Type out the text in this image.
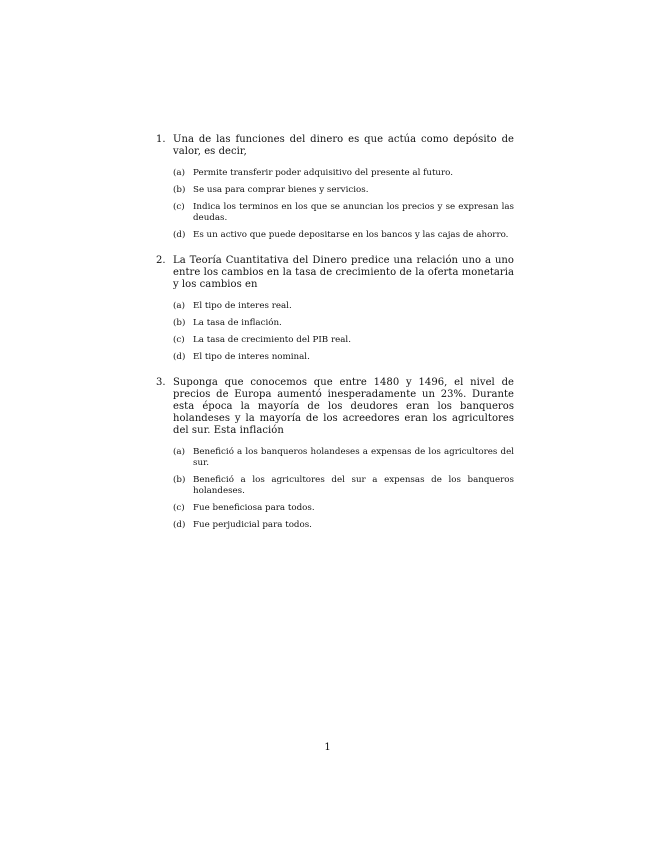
1. Una de las funciones del dinero es que actúa como depósito de valor, es decir,
(a) Permite transferir poder adquisitivo del presente al futuro.
(b) Se usa para comprar bienes y servicios.
(c) Indica los terminos en los que se anuncian los precios y se expresan las deudas.
(d) Es un activo que puede depositarse en los bancos y las cajas de ahorro.
2. La Teoría Cuantitativa del Dinero predice una relación uno a uno entre los cambios en la tasa de crecimiento de la oferta monetaria y los cambios en
(a) El tipo de interes real.
(b) La tasa de inflación.
(c) La tasa de crecimiento del PIB real.
(d) El tipo de interes nominal.
3. Suponga que conocemos que entre 1480 y 1496, el nivel de precios de Europa aumentó inesperadamente un 23%. Durante esta época la mayoría de los deudores eran los banqueros holandeses y la mayoría de los acreedores eran los agricultores del sur. Esta inflación
(a) Benefició a los banqueros holandeses a expensas de los agricultores del sur.
(b) Benefició a los agricultores del sur a expensas de los banqueros holandeses.
(c) Fue beneficiosa para todos.
(d) Fue perjudicial para todos.
1
